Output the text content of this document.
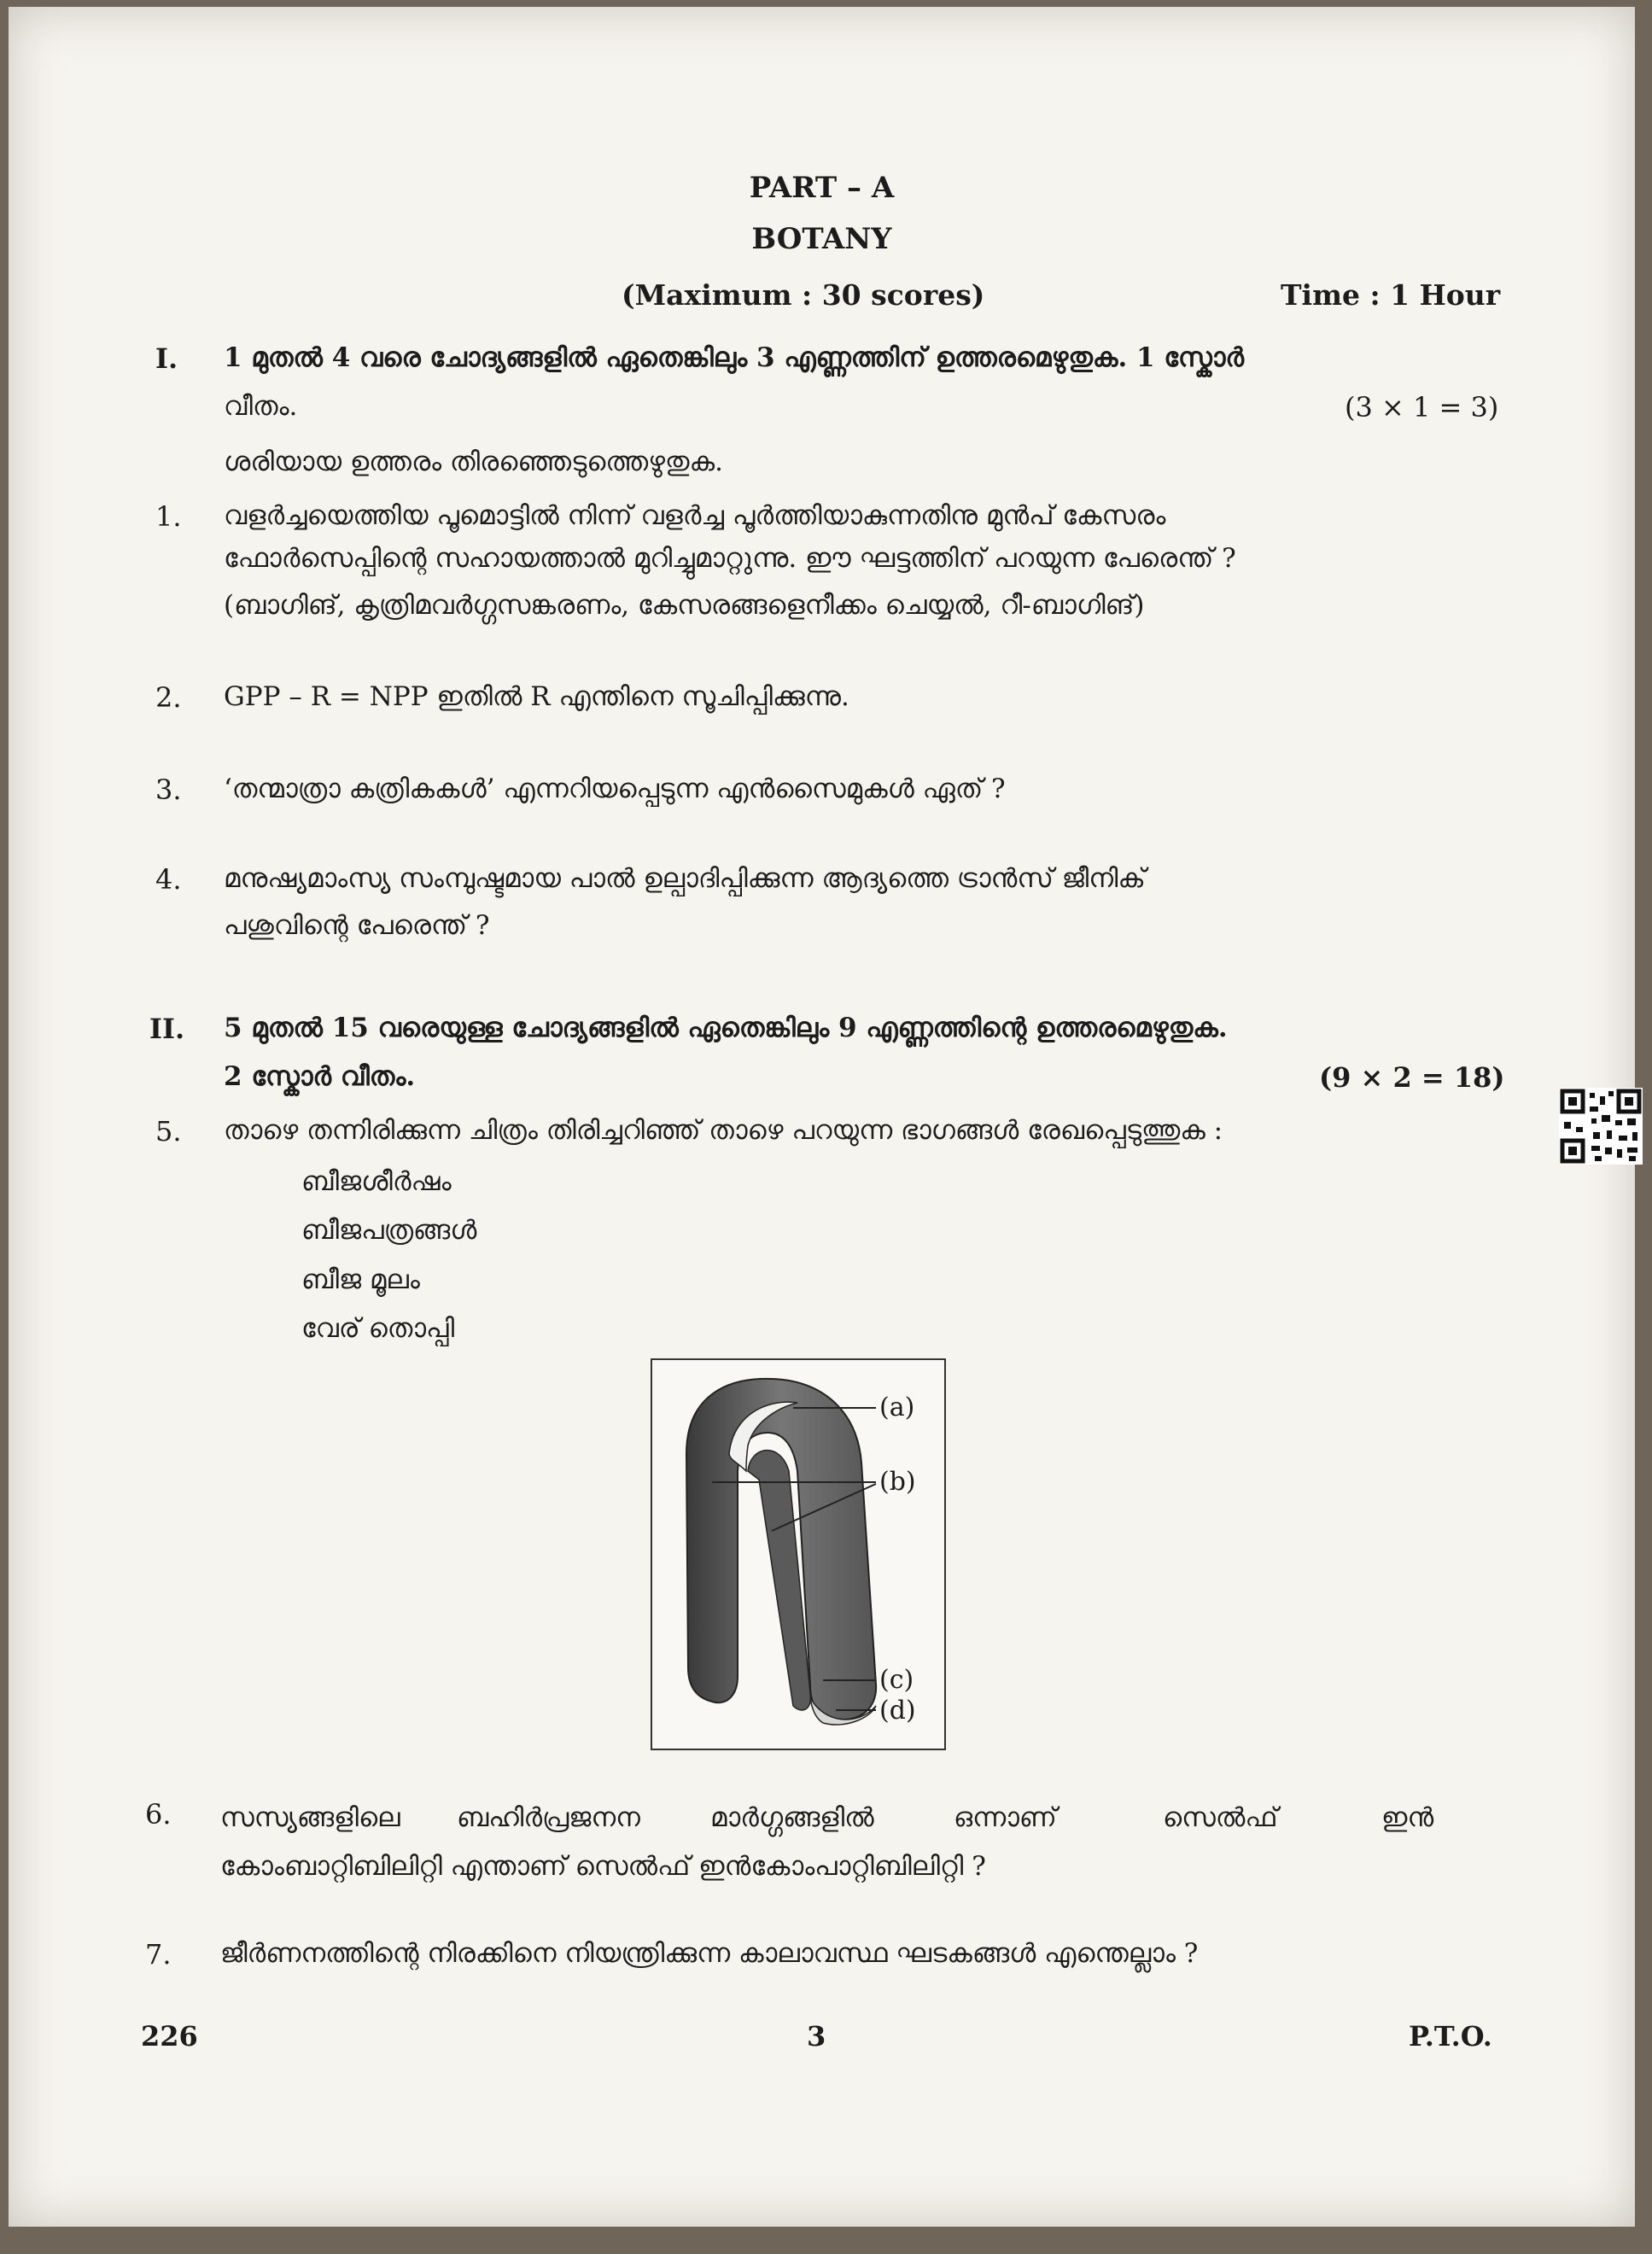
PART – A
BOTANY
(Maximum : 30 scores)	Time : 1 Hour
I. 1 മുതൽ 4 വരെ ചോദ്യങ്ങളിൽ ഏതെങ്കിലും 3 എണ്ണത്തിന് ഉത്തരമെഴുതുക. 1 സ്കോർ
വീതം.	(3 × 1 = 3)
ശരിയായ ഉത്തരം തിരഞ്ഞെടുത്തെഴുതുക.
1. വളർച്ചയെത്തിയ പൂമൊട്ടിൽ നിന്ന് വളർച്ച പൂർത്തിയാകുന്നതിനു മുൻപ് കേസരം
ഫോർസെപ്പിന്റെ സഹായത്താൽ മുറിച്ചുമാറ്റുന്നു. ഈ ഘട്ടത്തിന് പറയുന്ന പേരെന്ത് ?
(ബാഗിങ്, കൃത്രിമവർഗ്ഗസങ്കരണം, കേസരങ്ങളെനീക്കം ചെയ്യൽ, റീ-ബാഗിങ്)
2. GPP – R = NPP ഇതിൽ R എന്തിനെ സൂചിപ്പിക്കുന്നു.
3. ‘തന്മാത്രാ കത്രികകൾ’ എന്നറിയപ്പെടുന്ന എൻസൈമുകൾ ഏത് ?
4. മനുഷ്യമാംസ്യ സംമ്പുഷ്ടമായ പാൽ ഉല്പാദിപ്പിക്കുന്ന ആദ്യത്തെ ട്രാൻസ് ജീനിക്
പശുവിന്റെ പേരെന്ത് ?
II. 5 മുതൽ 15 വരെയുള്ള ചോദ്യങ്ങളിൽ ഏതെങ്കിലും 9 എണ്ണത്തിന്റെ ഉത്തരമെഴുതുക.
2 സ്കോർ വീതം.	(9 × 2 = 18)
5. താഴെ തന്നിരിക്കുന്ന ചിത്രം തിരിച്ചറിഞ്ഞ് താഴെ പറയുന്ന ഭാഗങ്ങൾ രേഖപ്പെടുത്തുക :
ബീജശീർഷം
ബീജപത്രങ്ങൾ
ബീജ മൂലം
വേര് തൊപ്പി
(a)
(b)
(c)
(d)
6. സസ്യങ്ങളിലെ ബഹിർപ്രജനന	മാർഗ്ഗങ്ങളിൽ	ഒന്നാണ്	സെൽഫ്	ഇൻ
കോംബാറ്റിബിലിറ്റി എന്താണ് സെൽഫ് ഇൻകോംപാറ്റിബിലിറ്റി ?
7. ജീർണനത്തിന്റെ നിരക്കിനെ നിയന്ത്രിക്കുന്ന കാലാവസ്ഥ ഘടകങ്ങൾ എന്തെല്ലാം ?
226	3	P.T.O.
